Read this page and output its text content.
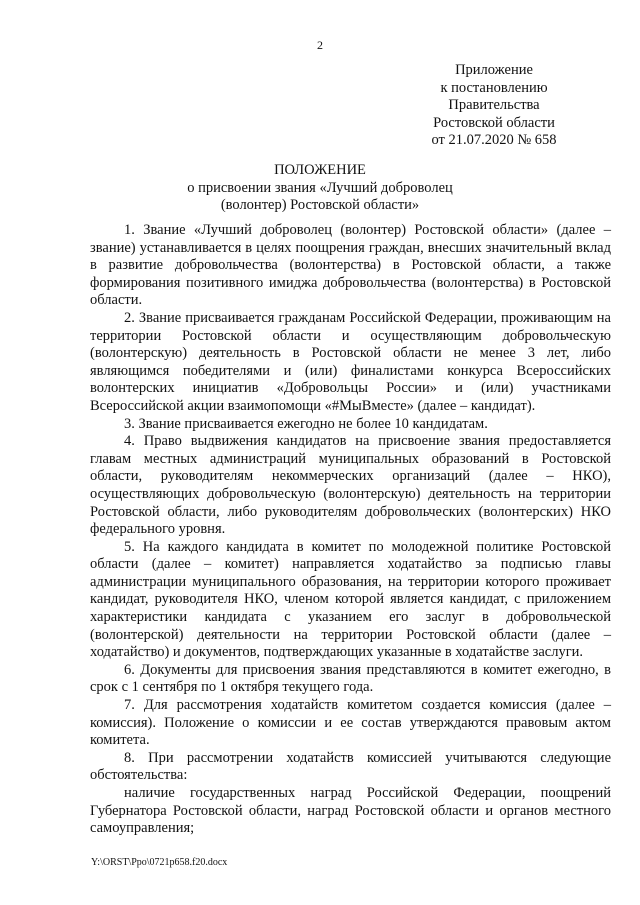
2
Приложение
к постановлению
Правительства
Ростовской области
от 21.07.2020 № 658
ПОЛОЖЕНИЕ
о присвоении звания «Лучший доброволец
(волонтер) Ростовской области»

1. Звание «Лучший доброволец (волонтер) Ростовской области» (далее – звание) устанавливается в целях поощрения граждан, внесших значительный вклад в развитие добровольчества (волонтерства) в Ростовской области, а также формирования позитивного имиджа добровольчества (волонтерства) в Ростовской области.

2. Звание присваивается гражданам Российской Федерации, проживающим на территории Ростовской области и осуществляющим добровольческую (волонтерскую) деятельность в Ростовской области не менее 3 лет, либо являющимся победителями и (или) финалистами конкурса Всероссийских волонтерских инициатив «Добровольцы России» и (или) участниками Всероссийской акции взаимопомощи «#МыВместе» (далее – кандидат).

3. Звание присваивается ежегодно не более 10 кандидатам.

4. Право выдвижения кандидатов на присвоение звания предоставляется главам местных администраций муниципальных образований в Ростовской области, руководителям некоммерческих организаций (далее – НКО), осуществляющих добровольческую (волонтерскую) деятельность на территории Ростовской области, либо руководителям добровольческих (волонтерских) НКО федерального уровня.

5. На каждого кандидата в комитет по молодежной политике Ростовской области (далее – комитет) направляется ходатайство за подписью главы администрации муниципального образования, на территории которого проживает кандидат, руководителя НКО, членом которой является кандидат, с приложением характеристики кандидата с указанием его заслуг в добровольческой (волонтерской) деятельности на территории Ростовской области (далее – ходатайство) и документов, подтверждающих указанные в ходатайстве заслуги.

6. Документы для присвоения звания представляются в комитет ежегодно, в срок с 1 сентября по 1 октября текущего года.

7. Для рассмотрения ходатайств комитетом создается комиссия (далее – комиссия). Положение о комиссии и ее состав утверждаются правовым актом комитета.

8. При рассмотрении ходатайств комиссией учитываются следующие обстоятельства:

наличие государственных наград Российской Федерации, поощрений Губернатора Ростовской области, наград Ростовской области и органов местного самоуправления;

Y:\ORST\Ppo\0721p658.f20.docx
